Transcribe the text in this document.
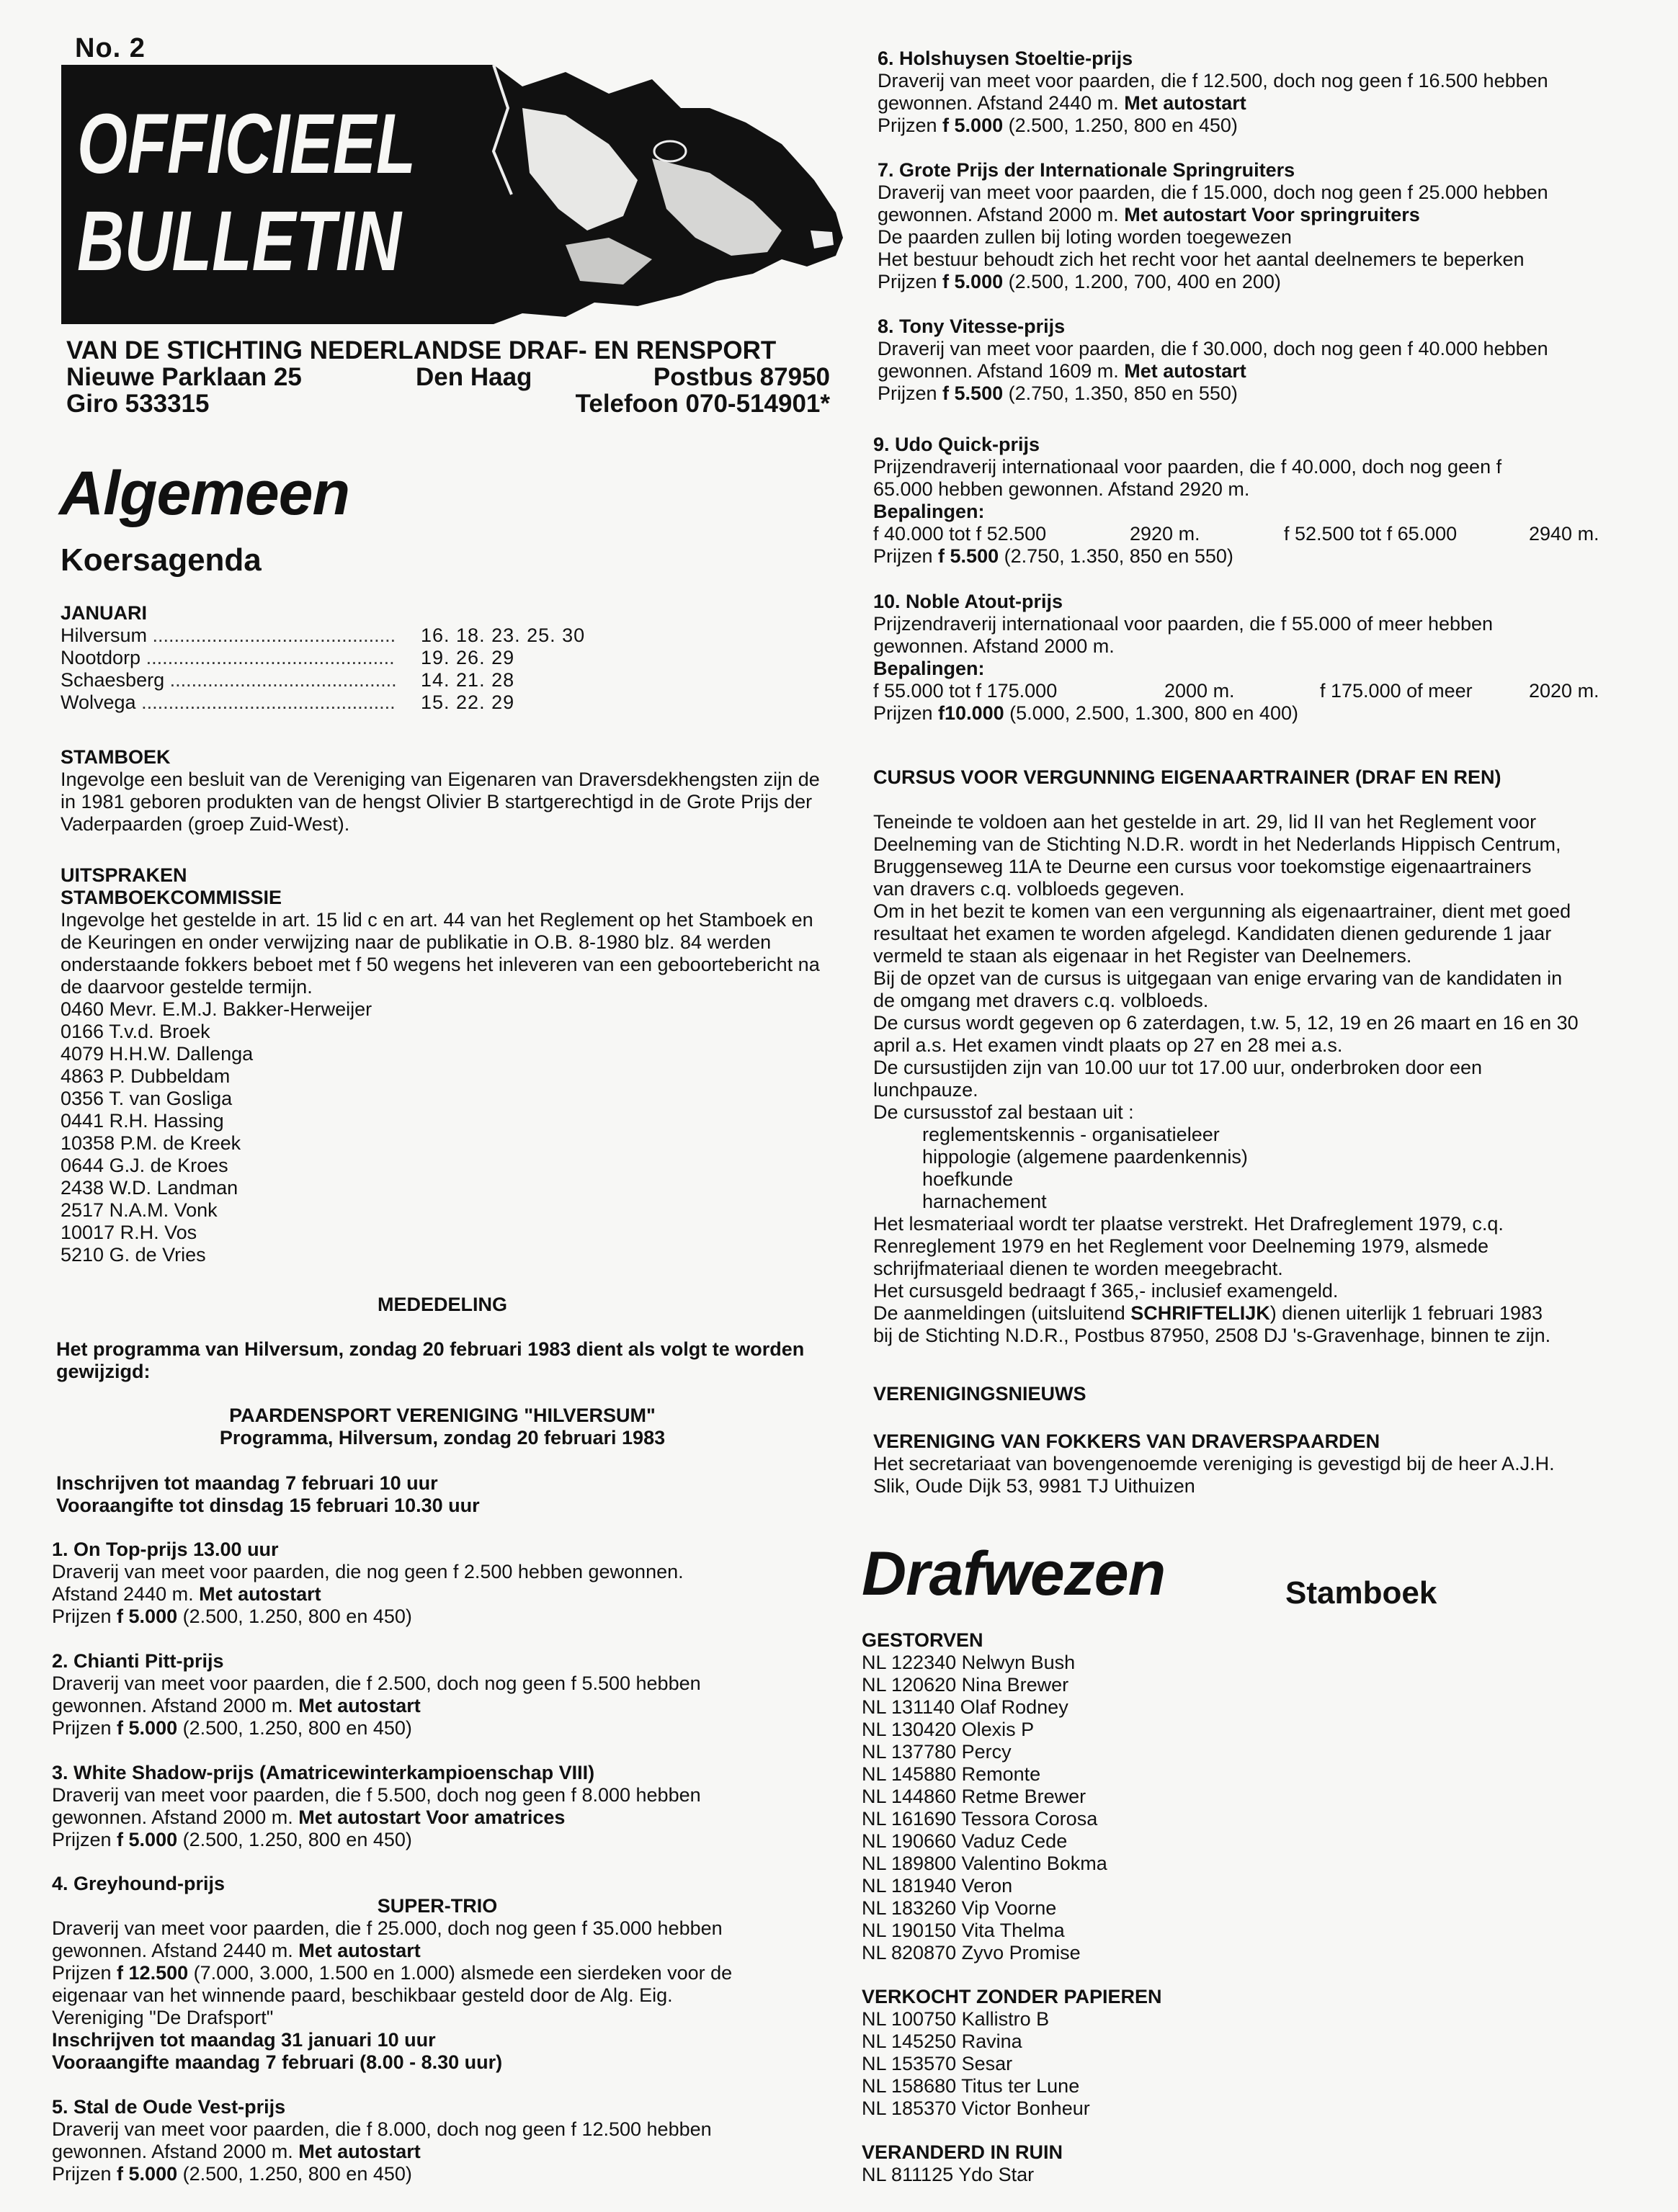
No. 2
OFFICIEEL
BULLETIN
VAN DE STICHTING NEDERLANDSE DRAF- EN RENSPORT
Nieuwe Parklaan 25	Den Haag	Postbus 87950
Giro 533315	Telefoon 070-514901*
Algemeen
Koersagenda
JANUARI
Hilversum .....	16. 18. 23. 25. 30
Nootdorp .....	19. 26. 29
Schaesberg .....	14. 21. 28
Wolvega .....	15. 22. 29
STAMBOEK

Ingevolge een besluit van de Vereniging van Eigenaren van Draversdekhengsten zijn de in 1981 geboren produkten van de hengst Olivier B startgerechtigd in de Grote Prijs der Vaderpaarden (groep Zuid-West).

UITSPRAKEN
STAMBOEKCOMMISSIE

Ingevolge het gestelde in art. 15 lid c en art. 44 van het Reglement op het Stamboek en de Keuringen en onder verwijzing naar de publikatie in O.B. 8-1980 blz. 84 werden onderstaande fokkers beboet met f 50 wegens het inleveren van een geboortebericht na de daarvoor gestelde termijn.

0460 Mevr. E.M.J. Bakker-Herweijer
0166 T.v.d. Broek
4079 H.H.W. Dallenga
4863 P. Dubbeldam
0356 T. van Gosliga
0441 R.H. Hassing
10358 P.M. de Kreek
0644 G.J. de Kroes
2438 W.D. Landman
2517 N.A.M. Vonk
10017 R.H. Vos
5210 G. de Vries
MEDEDELING
Het programma van Hilversum, zondag 20 februari 1983 dient als volgt te worden gewijzigd:
PAARDENSPORT VERENIGING "HILVERSUM"
Programma, Hilversum, zondag 20 februari 1983
Inschrijven tot maandag 7 februari 10 uur
Vooraangifte tot dinsdag 15 februari 10.30 uur
1. On Top-prijs 13.00 uur
Draverij van meet voor paarden, die nog geen f 2.500 hebben gewonnen.
Afstand 2440 m. Met autostart
Prijzen f 5.000 (2.500, 1.250, 800 en 450)
2. Chianti Pitt-prijs
Draverij van meet voor paarden, die f 2.500, doch nog geen f 5.500 hebben
gewonnen. Afstand 2000 m. Met autostart
Prijzen f 5.000 (2.500, 1.250, 800 en 450)
3. White Shadow-prijs (Amatricewinterkampioenschap VIII)
Draverij van meet voor paarden, die f 5.500, doch nog geen f 8.000 hebben
gewonnen. Afstand 2000 m. Met autostart Voor amatrices
Prijzen f 5.000 (2.500, 1.250, 800 en 450)
4. Greyhound-prijs
SUPER-TRIO
Draverij van meet voor paarden, die f 25.000, doch nog geen f 35.000 hebben
gewonnen. Afstand 2440 m. Met autostart
Prijzen f 12.500 (7.000, 3.000, 1.500 en 1.000) alsmede een sierdeken voor de
eigenaar van het winnende paard, beschikbaar gesteld door de Alg. Eig.
Vereniging "De Drafsport"
Inschrijven tot maandag 31 januari 10 uur
Vooraangifte maandag 7 februari (8.00 - 8.30 uur)
5. Stal de Oude Vest-prijs
Draverij van meet voor paarden, die f 8.000, doch nog geen f 12.500 hebben
gewonnen. Afstand 2000 m. Met autostart
Prijzen f 5.000 (2.500, 1.250, 800 en 450)
6. Holshuysen Stoeltie-prijs
Draverij van meet voor paarden, die f 12.500, doch nog geen f 16.500 hebben
gewonnen. Afstand 2440 m. Met autostart
Prijzen f 5.000 (2.500, 1.250, 800 en 450)
7. Grote Prijs der Internationale Springruiters
Draverij van meet voor paarden, die f 15.000, doch nog geen f 25.000 hebben
gewonnen. Afstand 2000 m. Met autostart Voor springruiters
De paarden zullen bij loting worden toegewezen
Het bestuur behoudt zich het recht voor het aantal deelnemers te beperken
Prijzen f 5.000 (2.500, 1.200, 700, 400 en 200)
8. Tony Vitesse-prijs
Draverij van meet voor paarden, die f 30.000, doch nog geen f 40.000 hebben
gewonnen. Afstand 1609 m. Met autostart
Prijzen f 5.500 (2.750, 1.350, 850 en 550)
9. Udo Quick-prijs
Prijzendraverij internationaal voor paarden, die f 40.000, doch nog geen f
65.000 hebben gewonnen. Afstand 2920 m.
Bepalingen:
f 40.000 tot f 52.500	2920 m.	f 52.500 tot f 65.000	2940 m.
Prijzen f 5.500 (2.750, 1.350, 850 en 550)
10. Noble Atout-prijs
Prijzendraverij internationaal voor paarden, die f 55.000 of meer hebben
gewonnen. Afstand 2000 m.
Bepalingen:
f 55.000 tot f 175.000	2000 m.	f 175.000 of meer	2020 m.
Prijzen f10.000 (5.000, 2.500, 1.300, 800 en 400)
CURSUS VOOR VERGUNNING EIGENAARTRAINER (DRAF EN REN)
Teneinde te voldoen aan het gestelde in art. 29, lid II van het Reglement voor
Deelneming van de Stichting N.D.R. wordt in het Nederlands Hippisch Centrum,
Bruggenseweg 11A te Deurne een cursus voor toekomstige eigenaartrainers
van dravers c.q. volbloeds gegeven.
Om in het bezit te komen van een vergunning als eigenaartrainer, dient met goed
resultaat het examen te worden afgelegd. Kandidaten dienen gedurende 1 jaar
vermeld te staan als eigenaar in het Register van Deelnemers.
Bij de opzet van de cursus is uitgegaan van enige ervaring van de kandidaten in
de omgang met dravers c.q. volbloeds.
De cursus wordt gegeven op 6 zaterdagen, t.w. 5, 12, 19 en 26 maart en 16 en 30
april a.s. Het examen vindt plaats op 27 en 28 mei a.s.
De cursustijden zijn van 10.00 uur tot 17.00 uur, onderbroken door een
lunchpauze.
De cursusstof zal bestaan uit :
reglementskennis - organisatieleer
hippologie (algemene paardenkennis)
hoefkunde
harnachement
Het lesmateriaal wordt ter plaatse verstrekt. Het Drafreglement 1979, c.q.
Renreglement 1979 en het Reglement voor Deelneming 1979, alsmede
schrijfmateriaal dienen te worden meegebracht.
Het cursusgeld bedraagt f 365,- inclusief examengeld.
De aanmeldingen (uitsluitend SCHRIFTELIJK) dienen uiterlijk 1 februari 1983
bij de Stichting N.D.R., Postbus 87950, 2508 DJ 's-Gravenhage, binnen te zijn.
VERENIGINGSNIEUWS
VERENIGING VAN FOKKERS VAN DRAVERSPAARDEN
Het secretariaat van bovengenoemde vereniging is gevestigd bij de heer A.J.H.
Slik, Oude Dijk 53, 9981 TJ Uithuizen
Drafwezen	Stamboek
GESTORVEN
NL 122340 Nelwyn Bush
NL 120620 Nina Brewer
NL 131140 Olaf Rodney
NL 130420 Olexis P
NL 137780 Percy
NL 145880 Remonte
NL 144860 Retme Brewer
NL 161690 Tessora Corosa
NL 190660 Vaduz Cede
NL 189800 Valentino Bokma
NL 181940 Veron
NL 183260 Vip Voorne
NL 190150 Vita Thelma
NL 820870 Zyvo Promise
VERKOCHT ZONDER PAPIEREN
NL 100750 Kallistro B
NL 145250 Ravina
NL 153570 Sesar
NL 158680 Titus ter Lune
NL 185370 Victor Bonheur
VERANDERD IN RUIN
NL 811125 Ydo Star
